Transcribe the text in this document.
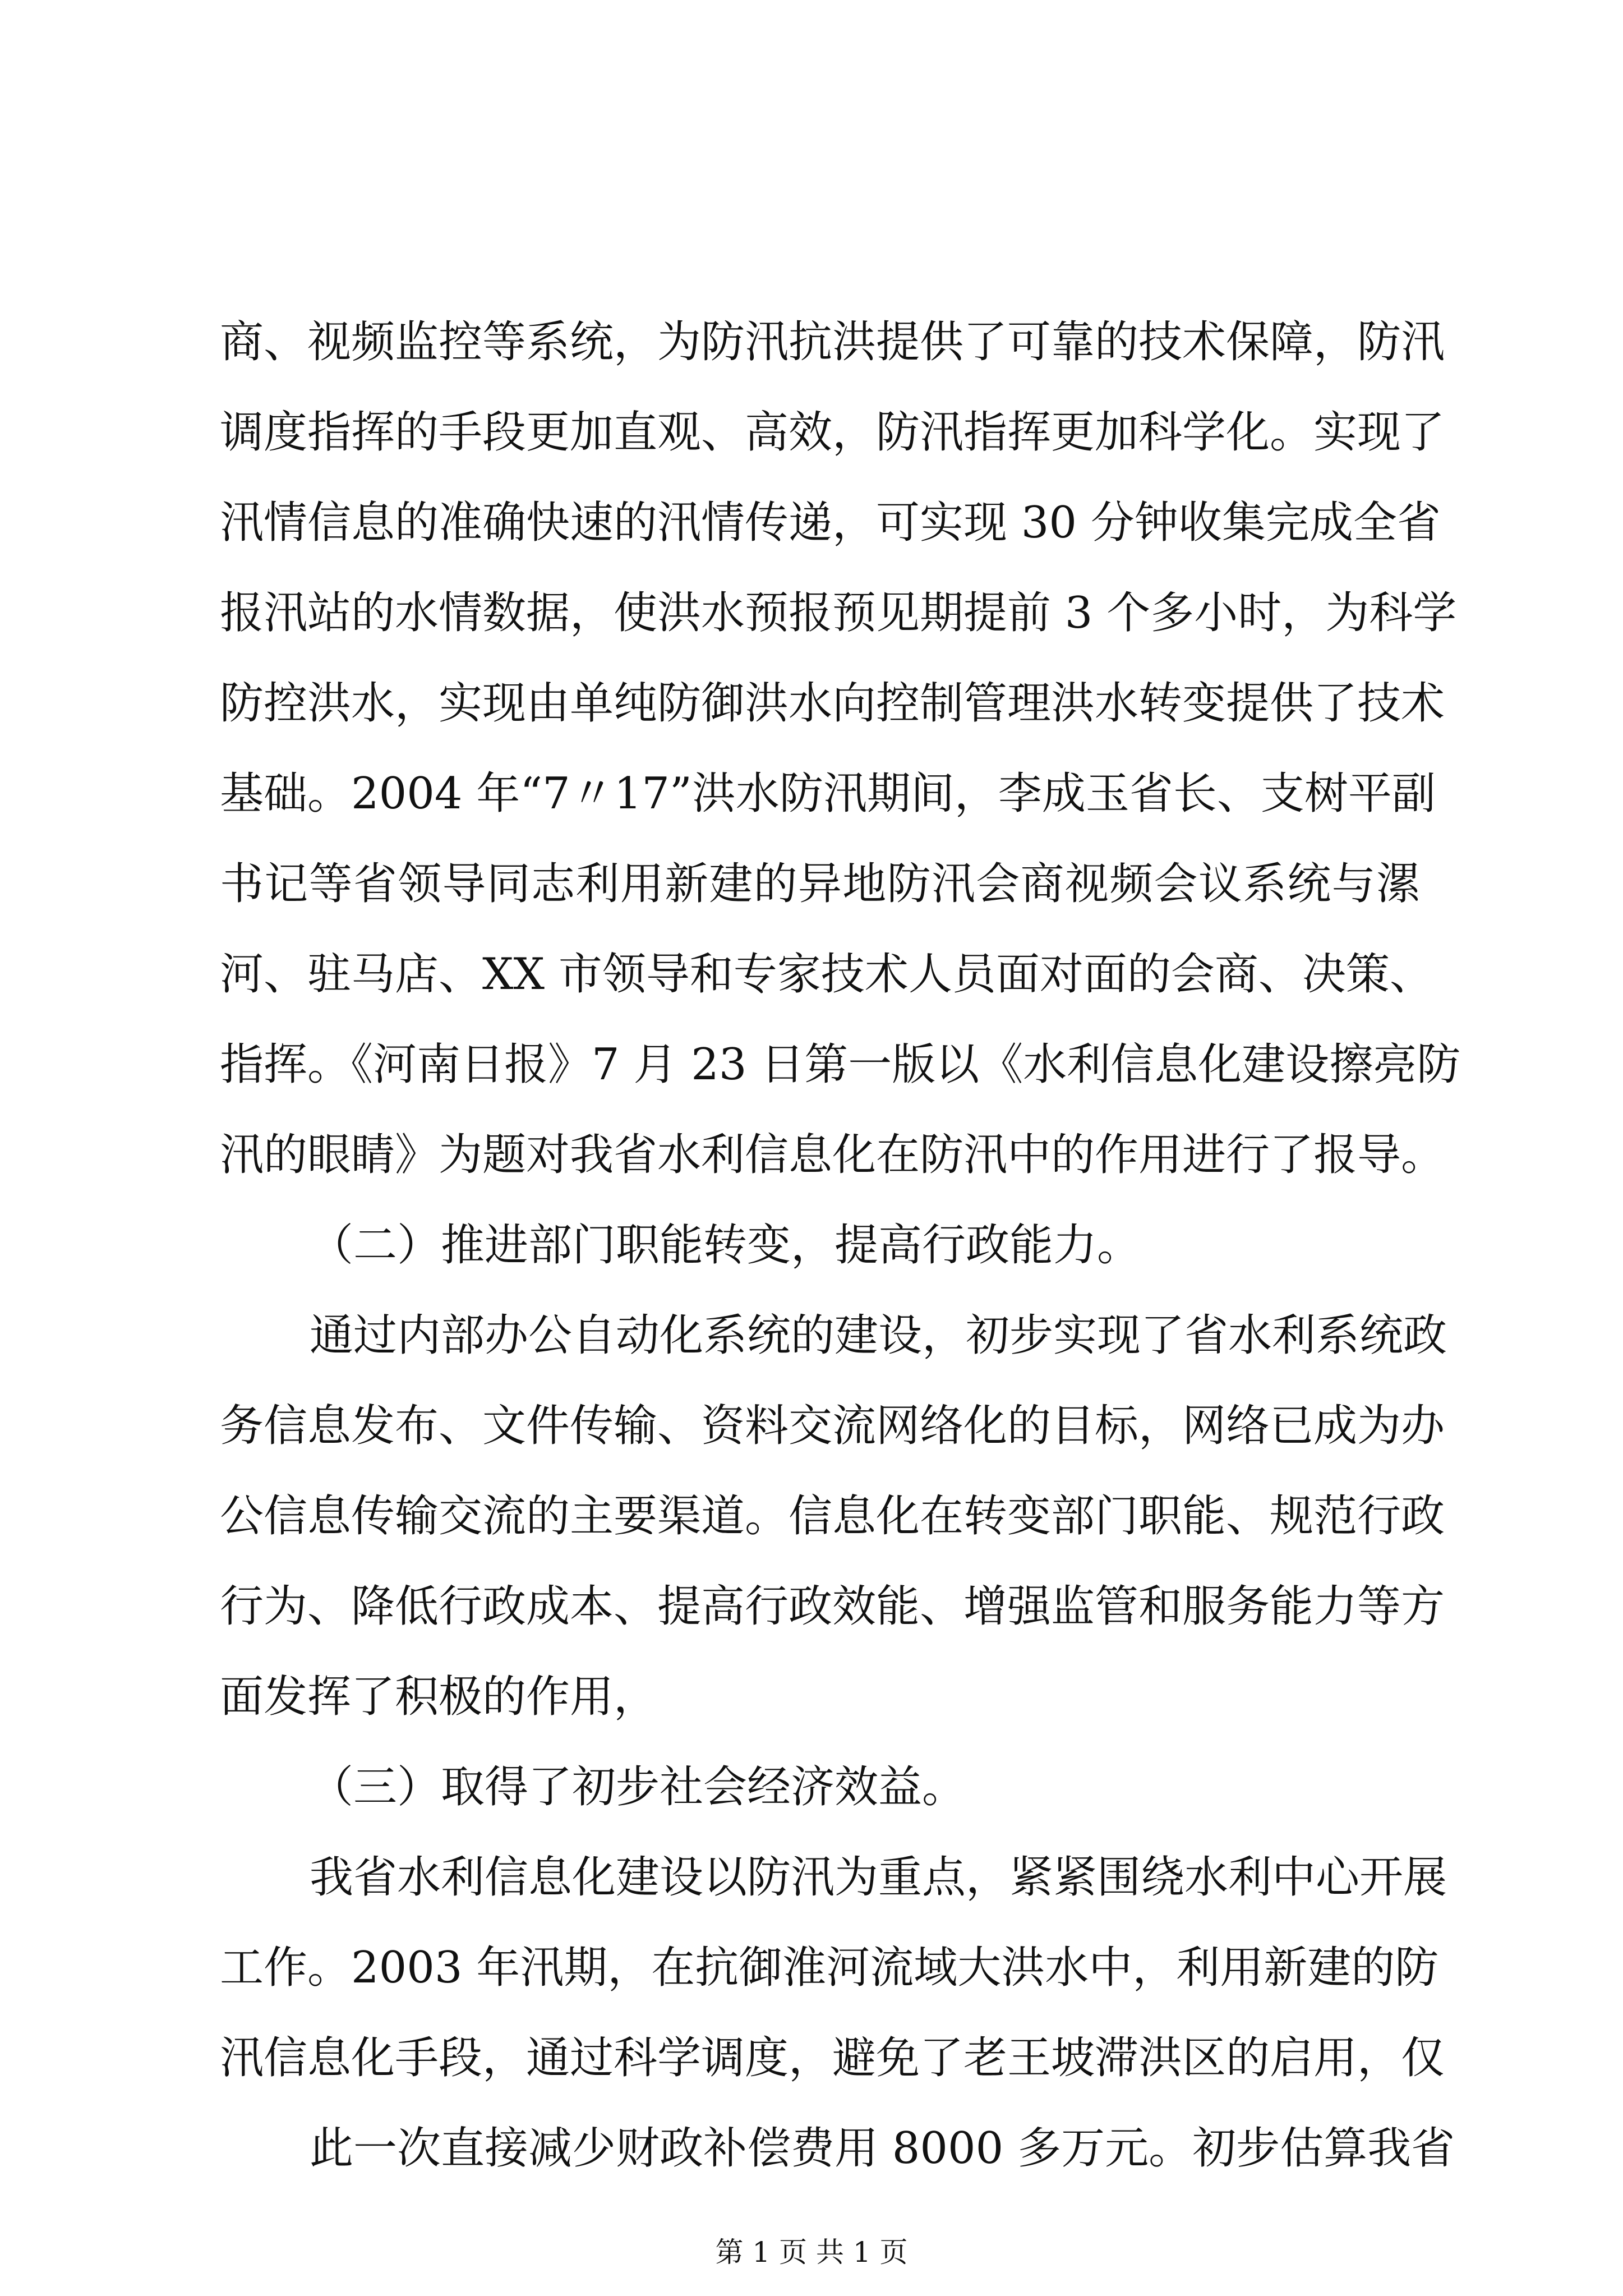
商、视频监控等系统，为防汛抗洪提供了可靠的技术保障，防汛
调度指挥的手段更加直观、高效，防汛指挥更加科学化。实现了
汛情信息的准确快速的汛情传递，可实现 30 分钟收集完成全省
报汛站的水情数据，使洪水预报预见期提前 3 个多小时，为科学
防控洪水，实现由单纯防御洪水向控制管理洪水转变提供了技术
基础。2004 年“7〃17”洪水防汛期间，李成玉省长、支树平副
书记等省领导同志利用新建的异地防汛会商视频会议系统与漯
河、驻马店、XX 市领导和专家技术人员面对面的会商、决策、
指挥。《河南日报》7 月 23 日第一版以《水利信息化建设擦亮防
汛的眼睛》为题对我省水利信息化在防汛中的作用进行了报导。
（二）推进部门职能转变，提高行政能力。
通过内部办公自动化系统的建设，初步实现了省水利系统政
务信息发布、文件传输、资料交流网络化的目标，网络已成为办
公信息传输交流的主要渠道。信息化在转变部门职能、规范行政
行为、降低行政成本、提高行政效能、增强监管和服务能力等方
面发挥了积极的作用，
（三）取得了初步社会经济效益。
我省水利信息化建设以防汛为重点，紧紧围绕水利中心开展
工作。2003 年汛期，在抗御淮河流域大洪水中，利用新建的防
汛信息化手段，通过科学调度，避免了老王坡滞洪区的启用，仅
此一次直接减少财政补偿费用 8000 多万元。初步估算我省
第 1 页 共 1 页
